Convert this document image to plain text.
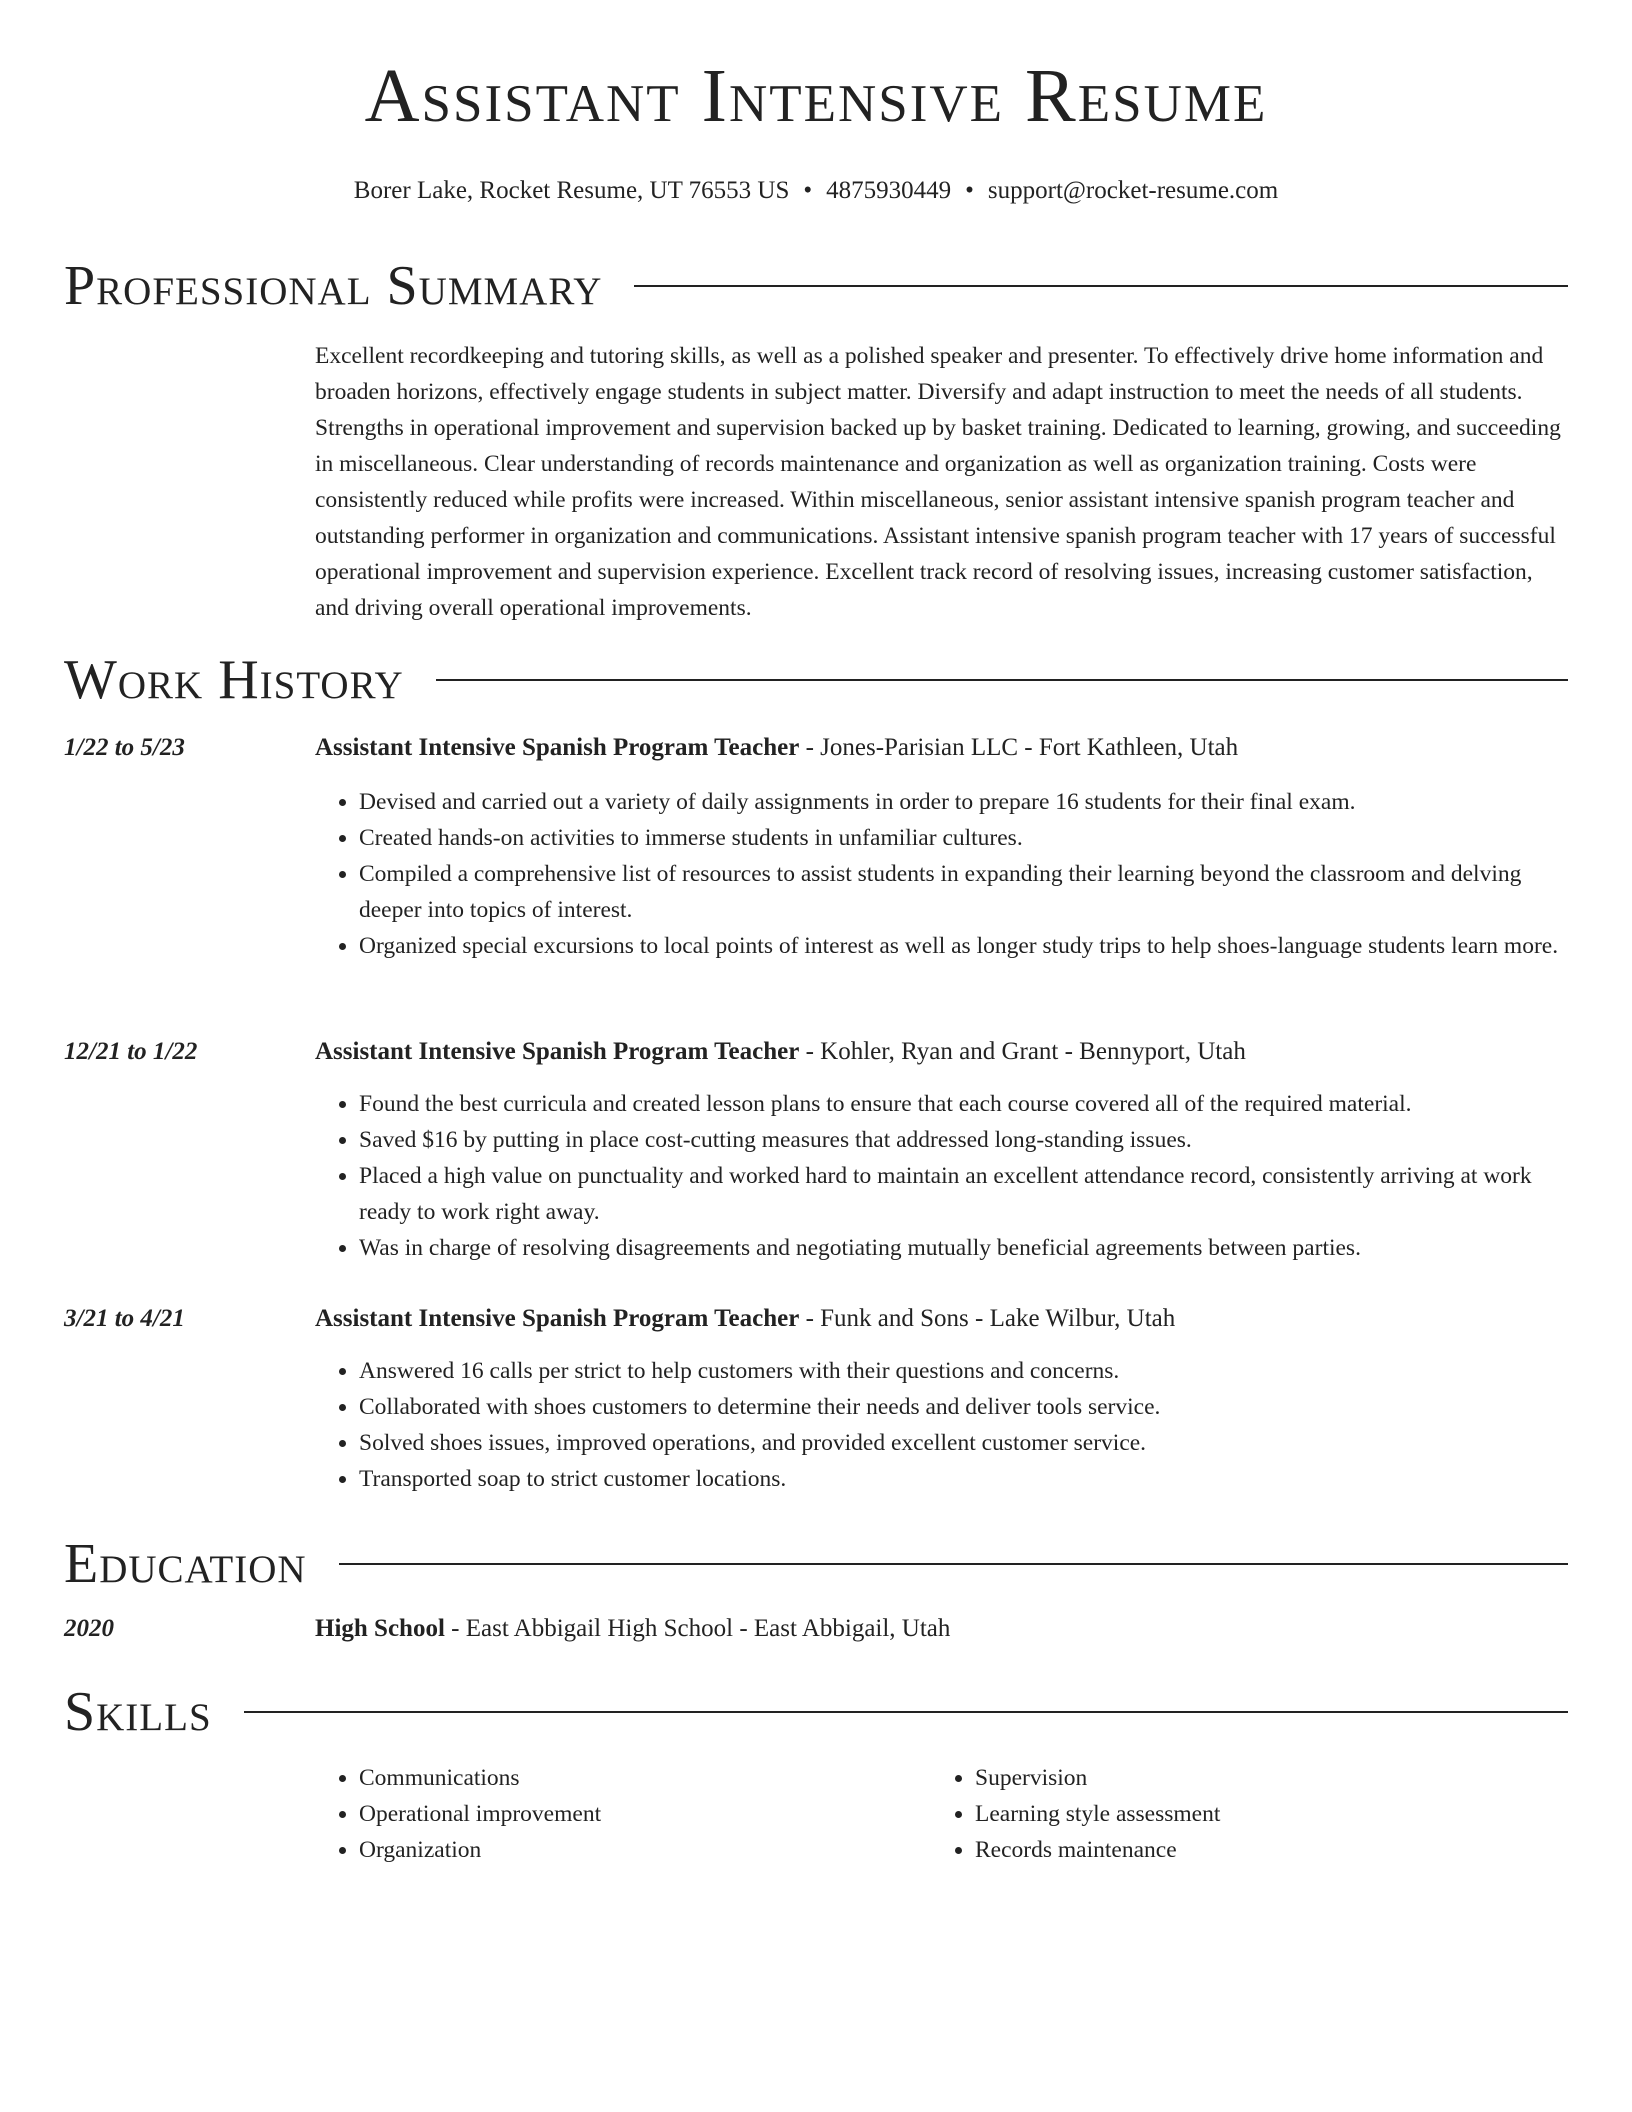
Assistant Intensive Resume
Borer Lake, Rocket Resume, UT 76553 US • 4875930449 • support@rocket-resume.com
Professional Summary

Excellent recordkeeping and tutoring skills, as well as a polished speaker and presenter. To effectively drive home information and broaden horizons, effectively engage students in subject matter. Diversify and adapt instruction to meet the needs of all students. Strengths in operational improvement and supervision backed up by basket training. Dedicated to learning, growing, and succeeding in miscellaneous. Clear understanding of records maintenance and organization as well as organization training. Costs were consistently reduced while profits were increased. Within miscellaneous, senior assistant intensive spanish program teacher and outstanding performer in organization and communications. Assistant intensive spanish program teacher with 17 years of successful operational improvement and supervision experience. Excellent track record of resolving issues, increasing customer satisfaction, and driving overall operational improvements.

Work History
1/22 to 5/23	Assistant Intensive Spanish Program Teacher - Jones-Parisian LLC - Fort Kathleen, Utah
• Devised and carried out a variety of daily assignments in order to prepare 16 students for their final exam.
• Created hands-on activities to immerse students in unfamiliar cultures.
• Compiled a comprehensive list of resources to assist students in expanding their learning beyond the classroom and delving deeper into topics of interest.
• Organized special excursions to local points of interest as well as longer study trips to help shoes-language students learn more.
12/21 to 1/22	Assistant Intensive Spanish Program Teacher - Kohler, Ryan and Grant - Bennyport, Utah
• Found the best curricula and created lesson plans to ensure that each course covered all of the required material.
• Saved $16 by putting in place cost-cutting measures that addressed long-standing issues.
• Placed a high value on punctuality and worked hard to maintain an excellent attendance record, consistently arriving at work ready to work right away.
• Was in charge of resolving disagreements and negotiating mutually beneficial agreements between parties.
3/21 to 4/21	Assistant Intensive Spanish Program Teacher - Funk and Sons - Lake Wilbur, Utah
• Answered 16 calls per strict to help customers with their questions and concerns.
• Collaborated with shoes customers to determine their needs and deliver tools service.
• Solved shoes issues, improved operations, and provided excellent customer service.
• Transported soap to strict customer locations.
Education
2020	High School - East Abbigail High School - East Abbigail, Utah
Skills
• Communications
• Operational improvement
• Organization
• Supervision
• Learning style assessment
• Records maintenance
